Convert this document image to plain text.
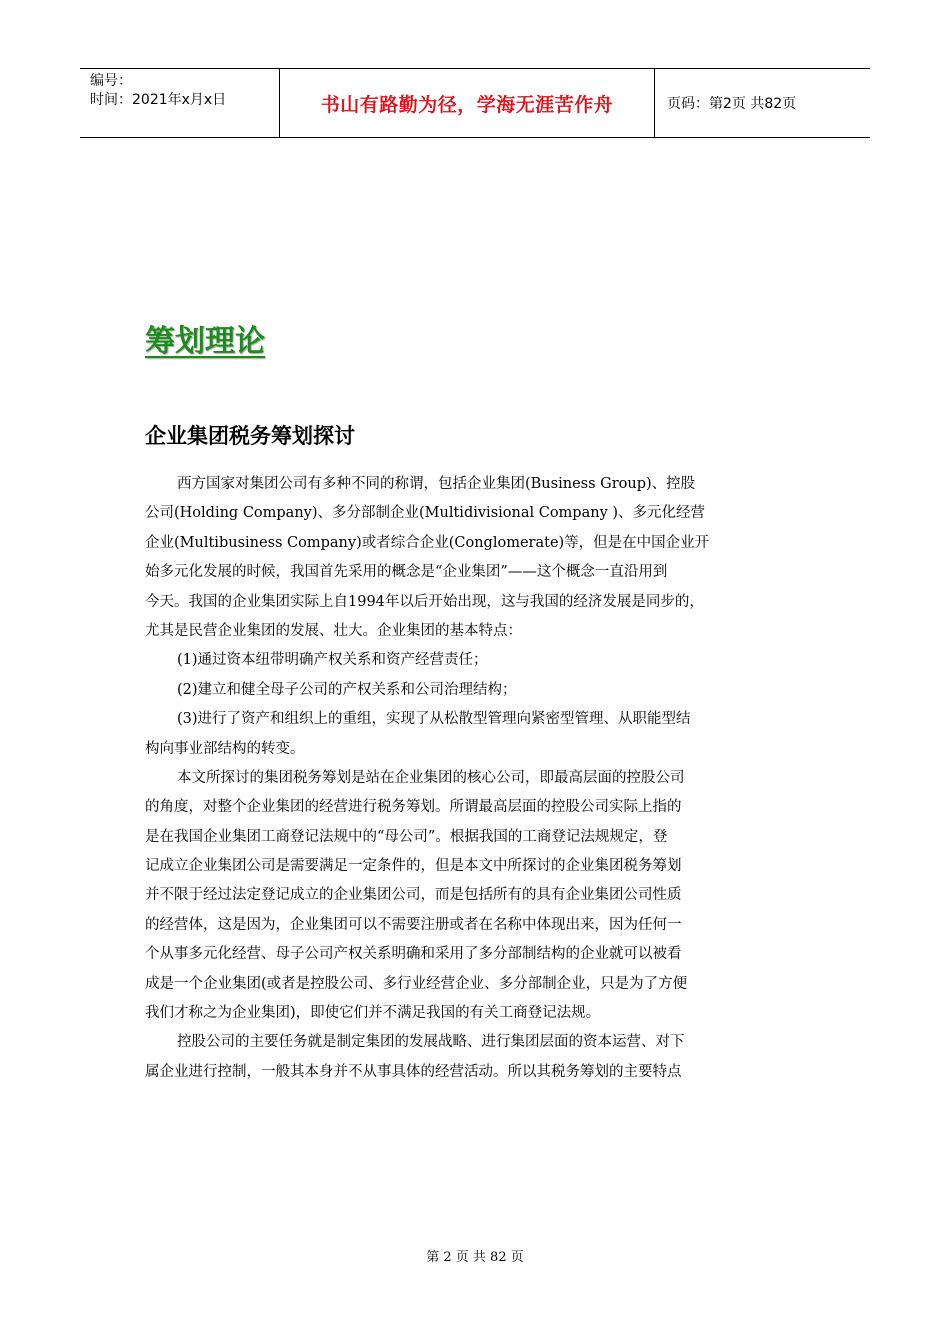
编号：
时间：2021年x月x日	书山有路勤为径，学海无涯苦作舟	页码：第2页 共82页
筹划理论
企业集团税务筹划探讨
西方国家对集团公司有多种不同的称谓，包括企业集团(Business Group)、控股
公司(Holding Company)、多分部制企业(Multidivisional Company )、多元化经营
企业(Multibusiness Company)或者综合企业(Conglomerate)等，但是在中国企业开
始多元化发展的时候，我国首先采用的概念是“企业集团”——这个概念一直沿用到
今天。我国的企业集团实际上自1994年以后开始出现，这与我国的经济发展是同步的，
尤其是民营企业集团的发展、壮大。企业集团的基本特点：
(1)通过资本纽带明确产权关系和资产经营责任；
(2)建立和健全母子公司的产权关系和公司治理结构；
(3)进行了资产和组织上的重组，实现了从松散型管理向紧密型管理、从职能型结
构向事业部结构的转变。
本文所探讨的集团税务筹划是站在企业集团的核心公司，即最高层面的控股公司
的角度，对整个企业集团的经营进行税务筹划。所谓最高层面的控股公司实际上指的
是在我国企业集团工商登记法规中的“母公司”。根据我国的工商登记法规规定，登
记成立企业集团公司是需要满足一定条件的，但是本文中所探讨的企业集团税务筹划
并不限于经过法定登记成立的企业集团公司，而是包括所有的具有企业集团公司性质
的经营体，这是因为，企业集团可以不需要注册或者在名称中体现出来，因为任何一
个从事多元化经营、母子公司产权关系明确和采用了多分部制结构的企业就可以被看
成是一个企业集团(或者是控股公司、多行业经营企业、多分部制企业，只是为了方便
我们才称之为企业集团)，即使它们并不满足我国的有关工商登记法规。
控股公司的主要任务就是制定集团的发展战略、进行集团层面的资本运营、对下
属企业进行控制，一般其本身并不从事具体的经营活动。所以其税务筹划的主要特点
第 2 页 共 82 页
